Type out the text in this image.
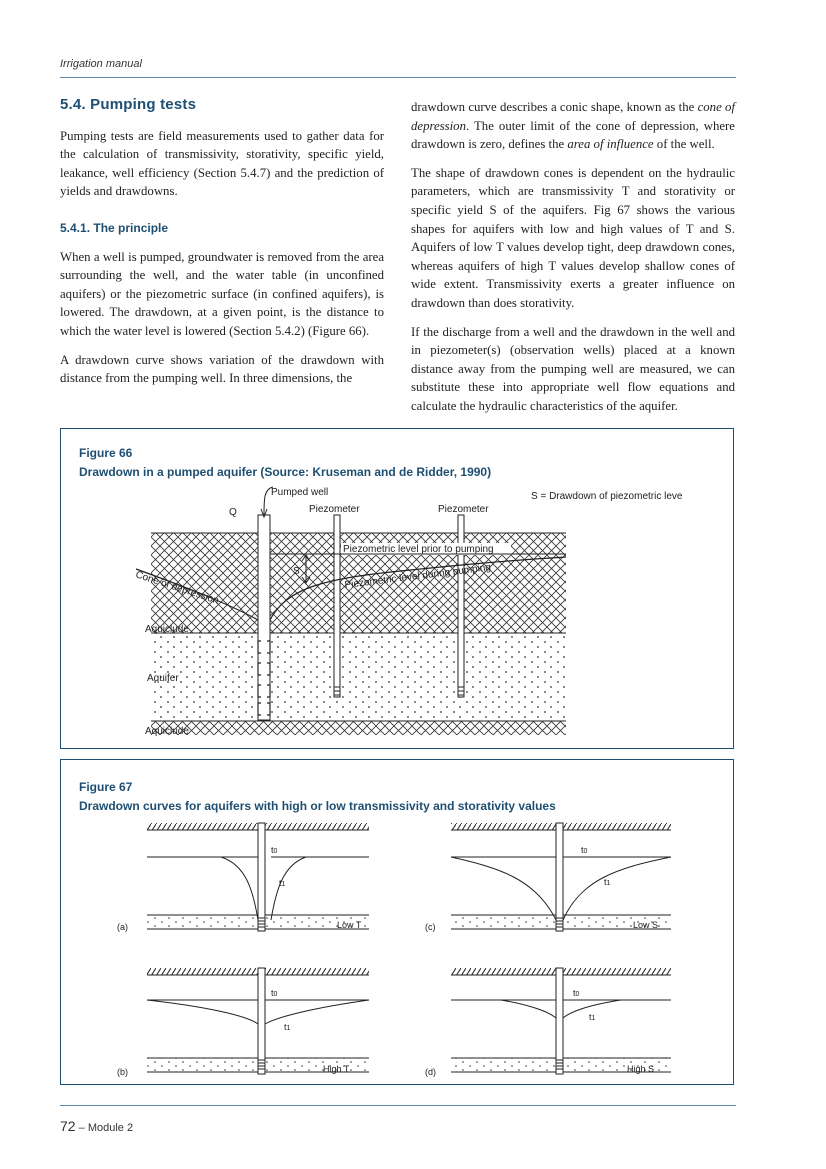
Irrigation manual
5.4. Pumping tests

Pumping tests are field measurements used to gather data for the calculation of transmissivity, storativity, specific yield, leakance, well efficiency (Section 5.4.7) and the prediction of yields and drawdowns.

5.4.1. The principle

When a well is pumped, groundwater is removed from the area surrounding the well, and the water table (in unconfined aquifers) or the piezometric surface (in confined aquifers), is lowered. The drawdown, at a given point, is the distance to which the water level is lowered (Section 5.4.2) (Figure 66).

A drawdown curve shows variation of the drawdown with distance from the pumping well. In three dimensions, the

drawdown curve describes a conic shape, known as the cone of depression. The outer limit of the cone of depression, where drawdown is zero, defines the area of influence of the well.

The shape of drawdown cones is dependent on the hydraulic parameters, which are transmissivity T and storativity or specific yield S of the aquifers. Fig 67 shows the various shapes for aquifers with low and high values of T and S. Aquifers of low T values develop tight, deep drawdown cones, whereas aquifers of high T values develop shallow cones of wide extent. Transmissivity exerts a greater influence on drawdown than does storativity.

If the discharge from a well and the drawdown in the well and in piezometer(s) (observation wells) placed at a known distance away from the pumping well are measured, we can substitute these into appropriate well flow equations and calculate the hydraulic characteristics of the aquifer.

Figure 66
Drawdown in a pumped aquifer (Source: Kruseman and de Ridder, 1990)
Pumped well
Q	Piezometer	Piezometer
S = Drawdown of piezometric leve
Piezometric level prior to pumping
Piezometric level during pumping
Cone of depression	S
Aquiclude
Aquifer
Aquiclude
Figure 67
Drawdown curves for aquifers with high or low transmissivity and storativity values
t0
t1
Low T
(a)
t0
t1
High T
(b)
t0
t1
Low S
(c)
t0
t1
High S
(d)
72 – Module 2
